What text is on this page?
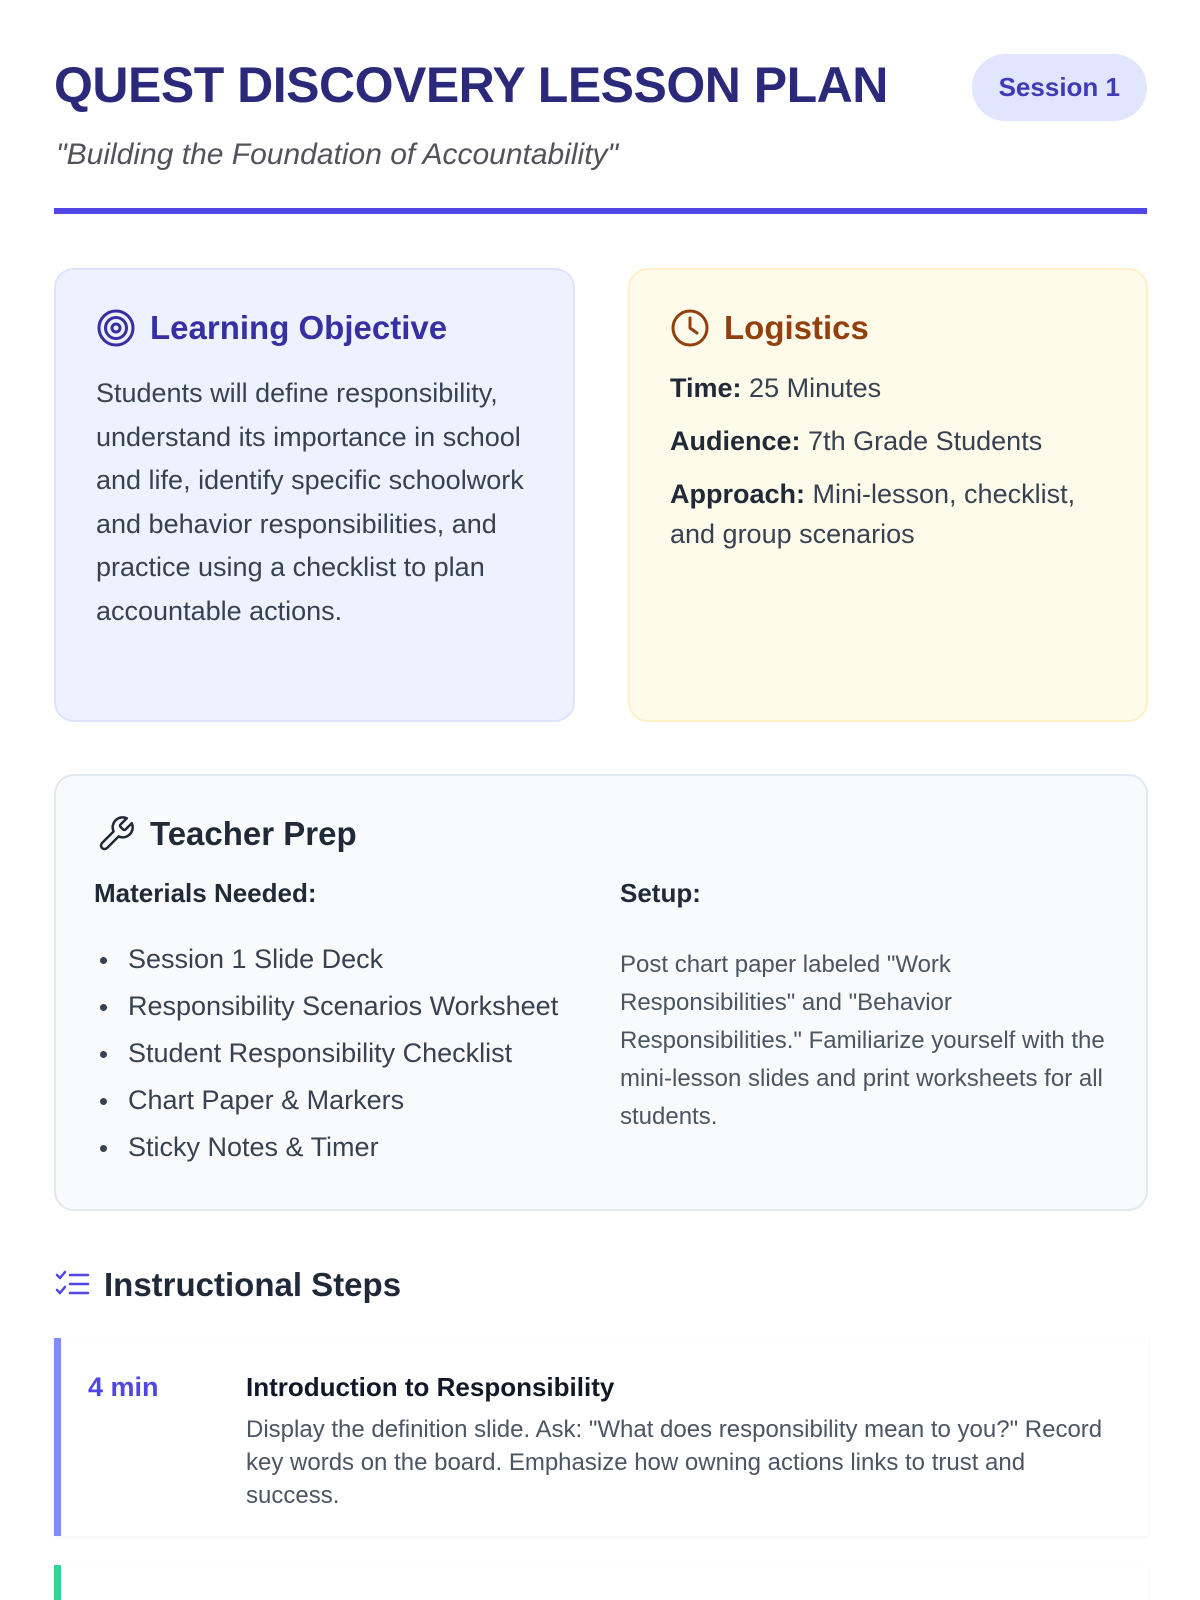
QUEST DISCOVERY LESSON PLAN	Session 1
"Building the Foundation of Accountability"
Learning Objective

Students will define responsibility, understand its importance in school and life, identify specific schoolwork and behavior responsibilities, and practice using a checklist to plan accountable actions.

Logistics
Time: 25 Minutes
Audience: 7th Grade Students
Approach: Mini-lesson, checklist, and group scenarios
Teacher Prep
Materials Needed:
Session 1 Slide Deck
Responsibility Scenarios Worksheet
Student Responsibility Checklist
Chart Paper & Markers
Sticky Notes & Timer
Setup:

Post chart paper labeled "Work Responsibilities" and "Behavior Responsibilities." Familiarize yourself with the mini-lesson slides and print worksheets for all students.

Instructional Steps
4 min	Introduction to Responsibility

Display the definition slide. Ask: "What does responsibility mean to you?" Record key words on the board. Emphasize how owning actions links to trust and success.
